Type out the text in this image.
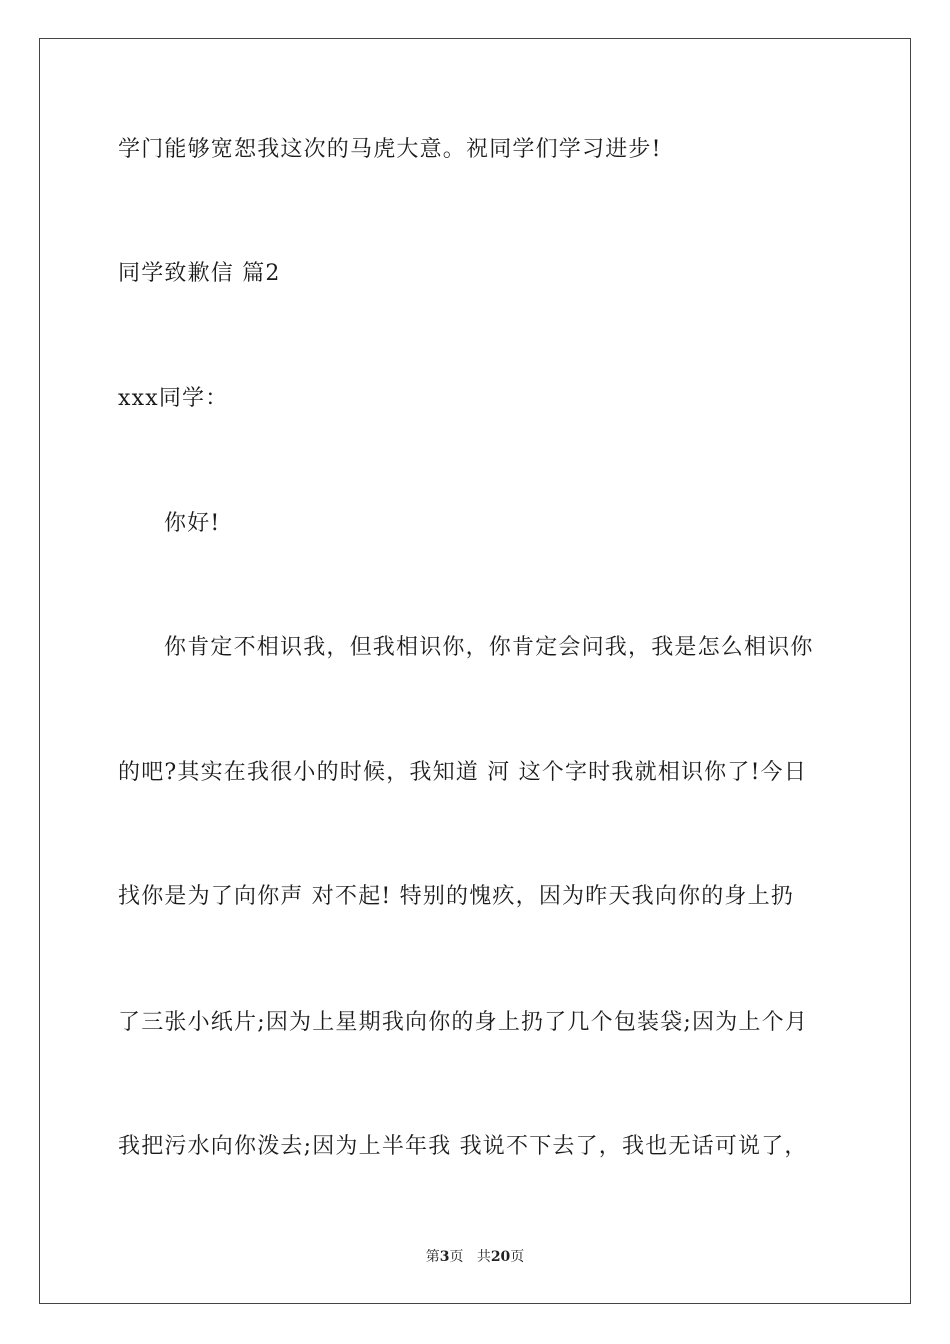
学门能够宽恕我这次的马虎大意。祝同学们学习进步!
同学致歉信 篇2
xxx同学：
你好!
你肯定不相识我，但我相识你，你肯定会问我，我是怎么相识你
的吧?其实在我很小的时候，我知道 河 这个字时我就相识你了!今日
找你是为了向你声 对不起! 特别的愧疚，因为昨天我向你的身上扔
了三张小纸片;因为上星期我向你的身上扔了几个包装袋;因为上个月
我把污水向你泼去;因为上半年我 我说不下去了，我也无话可说了，
第3页 共20页
